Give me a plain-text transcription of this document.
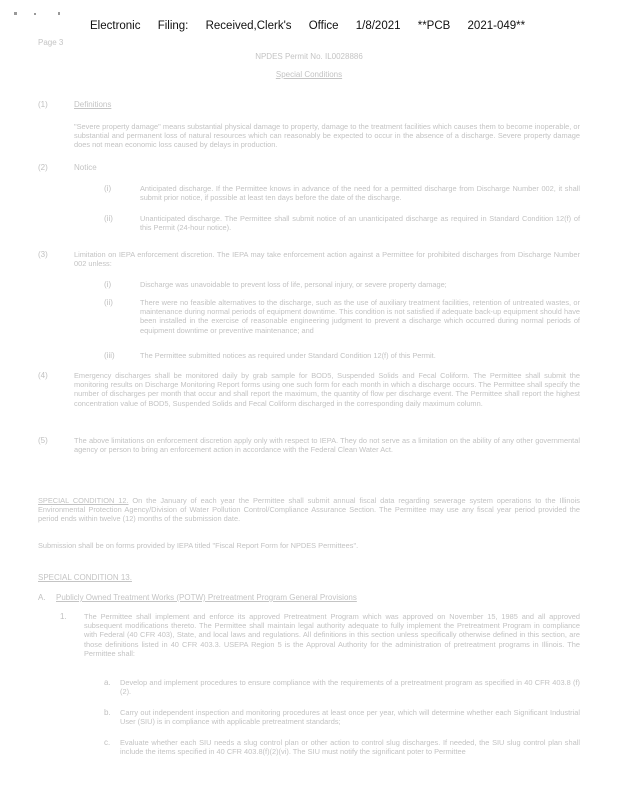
Electronic Filing: Received,Clerk's Office 1/8/2021 **PCB 2021-049**
Page 3
NPDES Permit No. IL0028886
Special Conditions
(1)	Definitions
"Severe property damage" means substantial physical damage to property, damage to the treatment facilities which causes them to become inoperable, or substantial and permanent loss of natural resources which can reasonably be expected to occur in the absence of a discharge. Severe property damage does not mean economic loss caused by delays in production.
(2)	Notice
(i)	Anticipated discharge. If the Permittee knows in advance of the need for a permitted discharge from Discharge Number 002, it shall submit prior notice, if possible at least ten days before the date of the discharge.
(ii)	Unanticipated discharge. The Permittee shall submit notice of an unanticipated discharge as required in Standard Condition 12(f) of this Permit (24-hour notice).
(3)	Limitation on IEPA enforcement discretion. The IEPA may take enforcement action against a Permittee for prohibited discharges from Discharge Number 002 unless:
(i)	Discharge was unavoidable to prevent loss of life, personal injury, or severe property damage;
(ii)	There were no feasible alternatives to the discharge, such as the use of auxiliary treatment facilities, retention of untreated wastes, or maintenance during normal periods of equipment downtime. This condition is not satisfied if adequate back-up equipment should have been installed in the exercise of reasonable engineering judgment to prevent a discharge which occurred during normal periods of equipment downtime or preventive maintenance; and
(iii)	The Permittee submitted notices as required under Standard Condition 12(f) of this Permit.
(4)	Emergency discharges shall be monitored daily by grab sample for BOD5, Suspended Solids and Fecal Coliform. The Permittee shall submit the monitoring results on Discharge Monitoring Report forms using one such form for each month in which a discharge occurs. The Permittee shall specify the number of discharges per month that occur and shall report the maximum, the quantity of flow per discharge event. The Permittee shall report the highest concentration value of BOD5, Suspended Solids and Fecal Coliform discharged in the corresponding daily maximum column.
(5)	The above limitations on enforcement discretion apply only with respect to IEPA. They do not serve as a limitation on the ability of any other governmental agency or person to bring an enforcement action in accordance with the Federal Clean Water Act.
SPECIAL CONDITION 12. On the January of each year the Permittee shall submit annual fiscal data regarding sewerage system operations to the Illinois Environmental Protection Agency/Division of Water Pollution Control/Compliance Assurance Section. The Permittee may use any fiscal year period provided the period ends within twelve (12) months of the submission date.
Submission shall be on forms provided by IEPA titled "Fiscal Report Form for NPDES Permittees".
SPECIAL CONDITION 13.
A. Publicly Owned Treatment Works (POTW) Pretreatment Program General Provisions
1. The Permittee shall implement and enforce its approved Pretreatment Program which was approved on November 15, 1985 and all approved subsequent modifications thereto. The Permittee shall maintain legal authority adequate to fully implement the Pretreatment Program in compliance with Federal (40 CFR 403), State, and local laws and regulations. All definitions in this section unless specifically otherwise defined in this section, are those definitions listed in 40 CFR 403.3. USEPA Region 5 is the Approval Authority for the administration of pretreatment programs in Illinois. The Permittee shall:
a. Develop and implement procedures to ensure compliance with the requirements of a pretreatment program as specified in 40 CFR 403.8 (f) (2).
b. Carry out independent inspection and monitoring procedures at least once per year, which will determine whether each Significant Industrial User (SIU) is in compliance with applicable pretreatment standards;
c. Evaluate whether each SIU needs a slug control plan or other action to control slug discharges. If needed, the SIU slug control plan shall include the items specified in 40 CFR 403.8(f)(2)(vi). The SIU must notify the significant poter to Permittee
